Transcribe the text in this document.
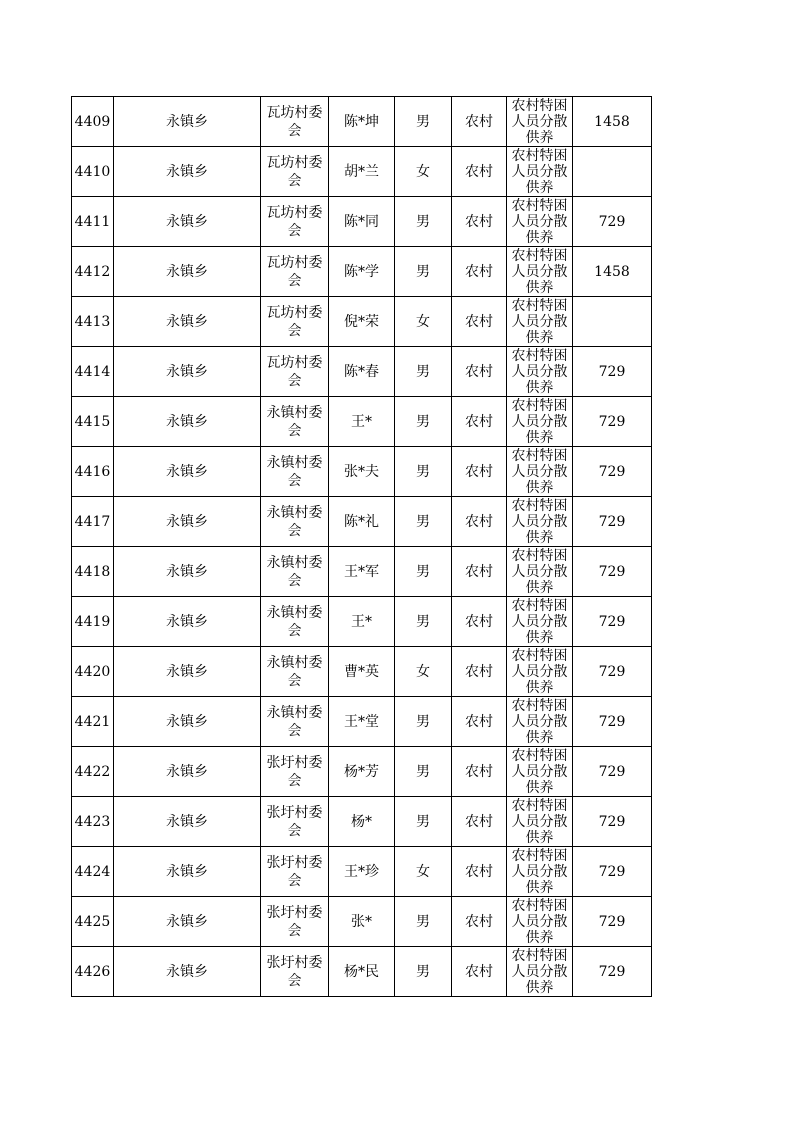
4409	永镇乡	瓦坊村委会	陈*坤	男	农村	农村特困人员分散供养	1458
4410	永镇乡	瓦坊村委会	胡*兰	女	农村	农村特困人员分散供养	

4411	永镇乡	瓦坊村委会	陈*同	男	农村	农村特困人员分散供养	729
4412	永镇乡	瓦坊村委会	陈*学	男	农村	农村特困人员分散供养	1458
4413	永镇乡	瓦坊村委会	倪*荣	女	农村	农村特困人员分散供养	

4414	永镇乡	瓦坊村委会	陈*春	男	农村	农村特困人员分散供养	729
4415	永镇乡	永镇村委会	王*	男	农村	农村特困人员分散供养	729
4416	永镇乡	永镇村委会	张*夫	男	农村	农村特困人员分散供养	729
4417	永镇乡	永镇村委会	陈*礼	男	农村	农村特困人员分散供养	729
4418	永镇乡	永镇村委会	王*军	男	农村	农村特困人员分散供养	729
4419	永镇乡	永镇村委会	王*	男	农村	农村特困人员分散供养	729
4420	永镇乡	永镇村委会	曹*英	女	农村	农村特困人员分散供养	729
4421	永镇乡	永镇村委会	王*堂	男	农村	农村特困人员分散供养	729
4422	永镇乡	张圩村委会	杨*芳	男	农村	农村特困人员分散供养	729
4423	永镇乡	张圩村委会	杨*	男	农村	农村特困人员分散供养	729
4424	永镇乡	张圩村委会	王*珍	女	农村	农村特困人员分散供养	729
4425	永镇乡	张圩村委会	张*	男	农村	农村特困人员分散供养	729
4426	永镇乡	张圩村委会	杨*民	男	农村	农村特困人员分散供养	729
